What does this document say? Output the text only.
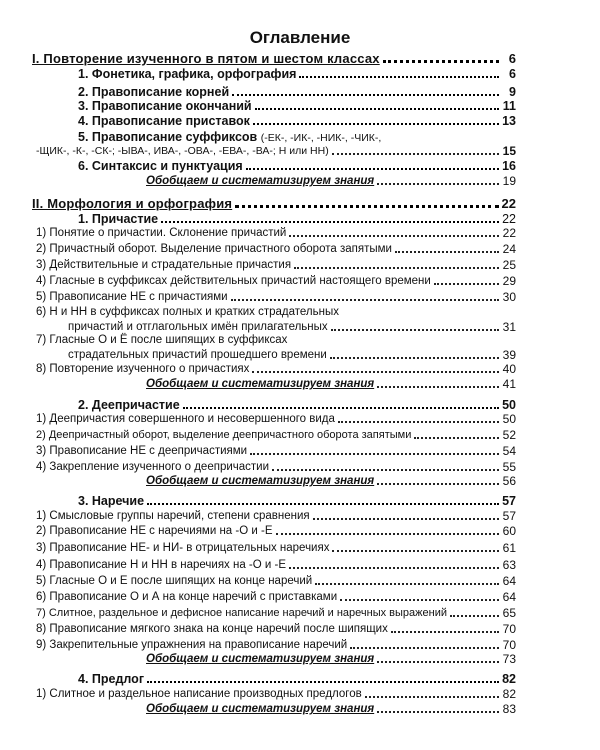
Оглавление
I. Повторение изученного в пятом и шестом классах	6
1. Фонетика, графика, орфография	6
2. Правописание корней	9
3. Правописание окончаний	11
4. Правописание приставок	13
5. Правописание суффиксов (-ЕК-, -ИК-, -НИК-, -ЧИК-,
-ЩИК-, -К-, -СК-; -ЫВА-, ИВА-, -ОВА-, -ЕВА-, -ВА-; Н или НН)	15
6. Синтаксис и пунктуация	16
Обобщаем и систематизируем знания	19
II. Морфология и орфография	22
1. Причастие	22
1) Понятие о причастии. Склонение причастий	22
2) Причастный оборот. Выделение причастного оборота запятыми	24
3) Действительные и страдательные причастия	25
4) Гласные в суффиксах действительных причастий настоящего времени	29
5) Правописание НЕ с причастиями	30
6) Н и НН в суффиксах полных и кратких страдательных
причастий и отглагольных имён прилагательных	31
7) Гласные О и Ё после шипящих в суффиксах
страдательных причастий прошедшего времени	39
8) Повторение изученного о причастиях	40
Обобщаем и систематизируем знания	41
2. Деепричастие	50
1) Деепричастия совершенного и несовершенного вида	50
2) Деепричастный оборот, выделение деепричастного оборота запятыми	52
3) Правописание НЕ с деепричастиями	54
4) Закрепление изученного о деепричастии	55
Обобщаем и систематизируем знания	56
3. Наречие	57
1) Смысловые группы наречий, степени сравнения	57
2) Правописание НЕ с наречиями на -О и -Е	60
3) Правописание НЕ- и НИ- в отрицательных наречиях	61
4) Правописание Н и НН в наречиях на -О и -Е	63
5) Гласные О и Е после шипящих на конце наречий	64
6) Правописание О и А на конце наречий с приставками	64
7) Слитное, раздельное и дефисное написание наречий и наречных выражений	65
8) Правописание мягкого знака на конце наречий после шипящих	70
9) Закрепительные упражнения на правописание наречий	70
Обобщаем и систематизируем знания	73
4. Предлог	82
1) Слитное и раздельное написание производных предлогов	82
Обобщаем и систематизируем знания	83
